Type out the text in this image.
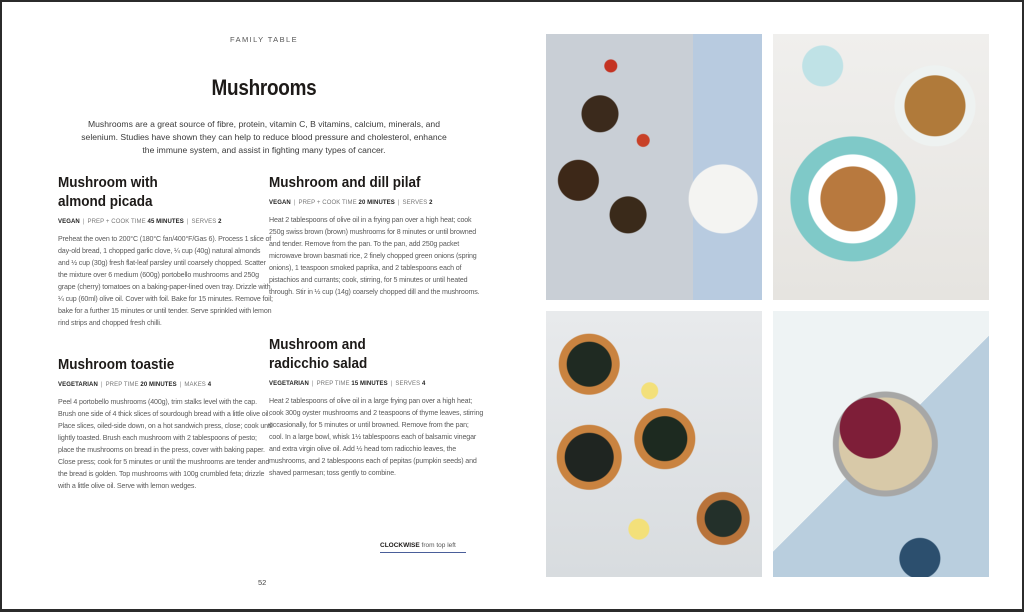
FAMILY TABLE
Mushrooms
Mushrooms are a great source of fibre, protein, vitamin C, B vitamins, calcium, minerals, and selenium. Studies have shown they can help to reduce blood pressure and cholesterol, enhance the immune system, and assist in fighting many types of cancer.
Mushroom with almond picada
VEGAN | PREP + COOK TIME 45 MINUTES | SERVES 2
Preheat the oven to 200°C (180°C fan/400°F/Gas 6). Process 1 slice of day-old bread, 1 chopped garlic clove, ¼ cup (40g) natural almonds and ½ cup (30g) fresh flat-leaf parsley until coarsely chopped. Scatter the mixture over 6 medium (600g) portobello mushrooms and 250g grape (cherry) tomatoes on a baking-paper-lined oven tray. Drizzle with ¼ cup (60ml) olive oil. Cover with foil. Bake for 15 minutes. Remove foil; bake for a further 15 minutes or until tender. Serve sprinkled with lemon rind strips and chopped fresh chilli.
Mushroom and dill pilaf
VEGAN | PREP + COOK TIME 20 MINUTES | SERVES 2
Heat 2 tablespoons of olive oil in a frying pan over a high heat; cook 250g swiss brown (brown) mushrooms for 8 minutes or until browned and tender. Remove from the pan. To the pan, add 250g packet microwave brown basmati rice, 2 finely chopped green onions (spring onions), 1 teaspoon smoked paprika, and 2 tablespoons each of pistachios and currants; cook, stirring, for 5 minutes or until heated through. Stir in ½ cup (14g) coarsely chopped dill and the mushrooms.
Mushroom toastie
VEGETARIAN | PREP TIME 20 MINUTES | MAKES 4
Peel 4 portobello mushrooms (400g), trim stalks level with the cap. Brush one side of 4 thick slices of sourdough bread with a little olive oil. Place slices, oiled-side down, on a hot sandwich press, close; cook until lightly toasted. Brush each mushroom with 2 tablespoons of pesto; place the mushrooms on bread in the press, cover with baking paper. Close press; cook for 5 minutes or until the mushrooms are tender and the bread is golden. Top mushrooms with 100g crumbled feta; drizzle with a little olive oil. Serve with lemon wedges.
Mushroom and radicchio salad
VEGETARIAN | PREP TIME 15 MINUTES | SERVES 4
Heat 2 tablespoons of olive oil in a large frying pan over a high heat; cook 300g oyster mushrooms and 2 teaspoons of thyme leaves, stirring occasionally, for 5 minutes or until browned. Remove from the pan; cool. In a large bowl, whisk 1½ tablespoons each of balsamic vinegar and extra virgin olive oil. Add ½ head torn radicchio leaves, the mushrooms, and 2 tablespoons each of pepitas (pumpkin seeds) and shaved parmesan; toss gently to combine.
CLOCKWISE from top left
52
